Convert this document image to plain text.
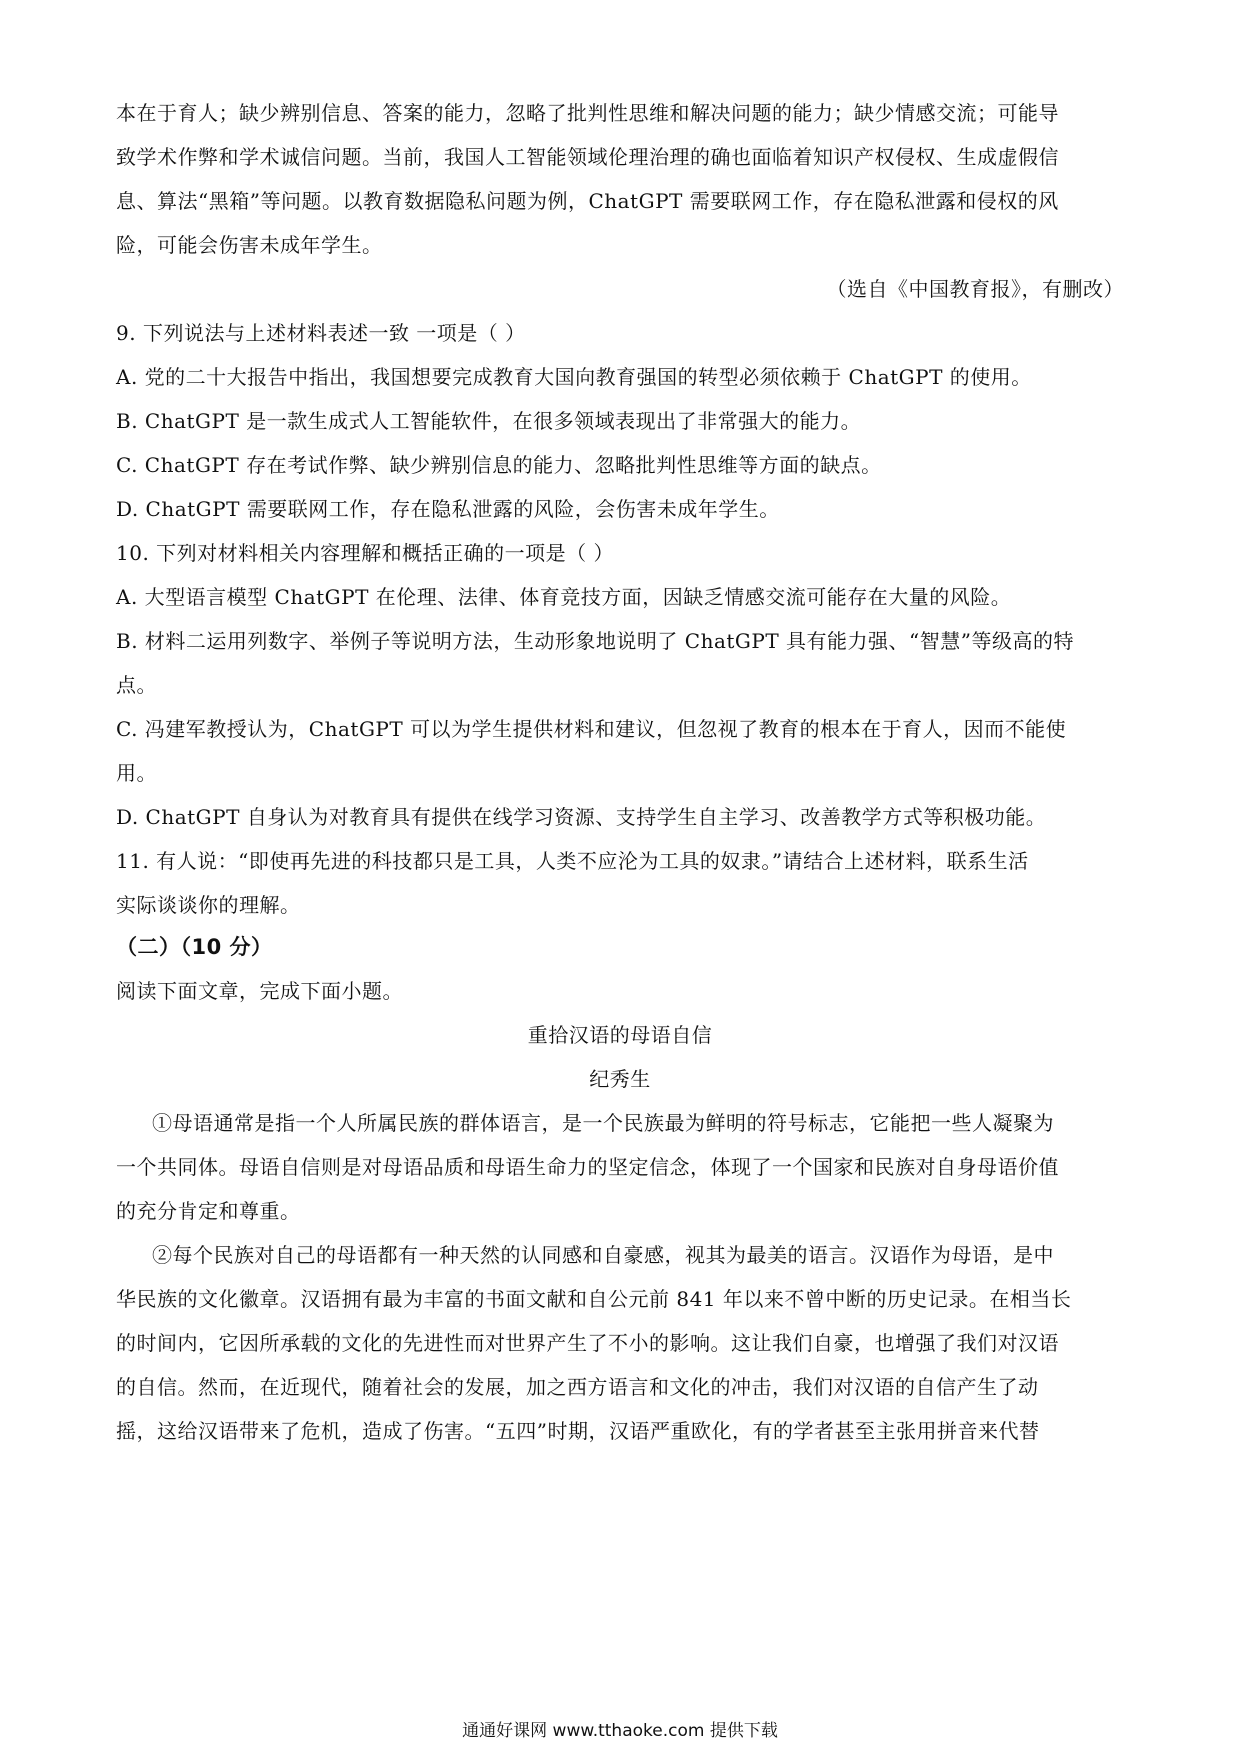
本在于育人；缺少辨别信息、答案的能力，忽略了批判性思维和解决问题的能力；缺少情感交流；可能导
致学术作弊和学术诚信问题。当前，我国人工智能领域伦理治理的确也面临着知识产权侵权、生成虚假信
息、算法“黑箱”等问题。以教育数据隐私问题为例，ChatGPT 需要联网工作，存在隐私泄露和侵权的风
险，可能会伤害未成年学生。
（选自《中国教育报》，有删改）
9. 下列说法与上述材料表述一致 一项是（ ）
A. 党的二十大报告中指出，我国想要完成教育大国向教育强国的转型必须依赖于 ChatGPT 的使用。
B. ChatGPT 是一款生成式人工智能软件，在很多领域表现出了非常强大的能力。
C. ChatGPT 存在考试作弊、缺少辨别信息的能力、忽略批判性思维等方面的缺点。
D. ChatGPT 需要联网工作，存在隐私泄露的风险，会伤害未成年学生。
10. 下列对材料相关内容理解和概括正确的一项是（ ）
A. 大型语言模型 ChatGPT 在伦理、法律、体育竞技方面，因缺乏情感交流可能存在大量的风险。
B. 材料二运用列数字、举例子等说明方法，生动形象地说明了 ChatGPT 具有能力强、“智慧”等级高的特
点。
C. 冯建军教授认为，ChatGPT 可以为学生提供材料和建议，但忽视了教育的根本在于育人，因而不能使
用。
D. ChatGPT 自身认为对教育具有提供在线学习资源、支持学生自主学习、改善教学方式等积极功能。
11. 有人说：“即使再先进的科技都只是工具，人类不应沦为工具的奴隶。”请结合上述材料，联系生活
实际谈谈你的理解。
（二）（10 分）
阅读下面文章，完成下面小题。
重拾汉语的母语自信
纪秀生
①母语通常是指一个人所属民族的群体语言，是一个民族最为鲜明的符号标志，它能把一些人凝聚为
一个共同体。母语自信则是对母语品质和母语生命力的坚定信念，体现了一个国家和民族对自身母语价值
的充分肯定和尊重。
②每个民族对自己的母语都有一种天然的认同感和自豪感，视其为最美的语言。汉语作为母语，是中
华民族的文化徽章。汉语拥有最为丰富的书面文献和自公元前 841 年以来不曾中断的历史记录。在相当长
的时间内，它因所承载的文化的先进性而对世界产生了不小的影响。这让我们自豪，也增强了我们对汉语
的自信。然而，在近现代，随着社会的发展，加之西方语言和文化的冲击，我们对汉语的自信产生了动
摇，这给汉语带来了危机，造成了伤害。“五四”时期，汉语严重欧化，有的学者甚至主张用拼音来代替
通通好课网 www.tthaoke.com 提供下载
